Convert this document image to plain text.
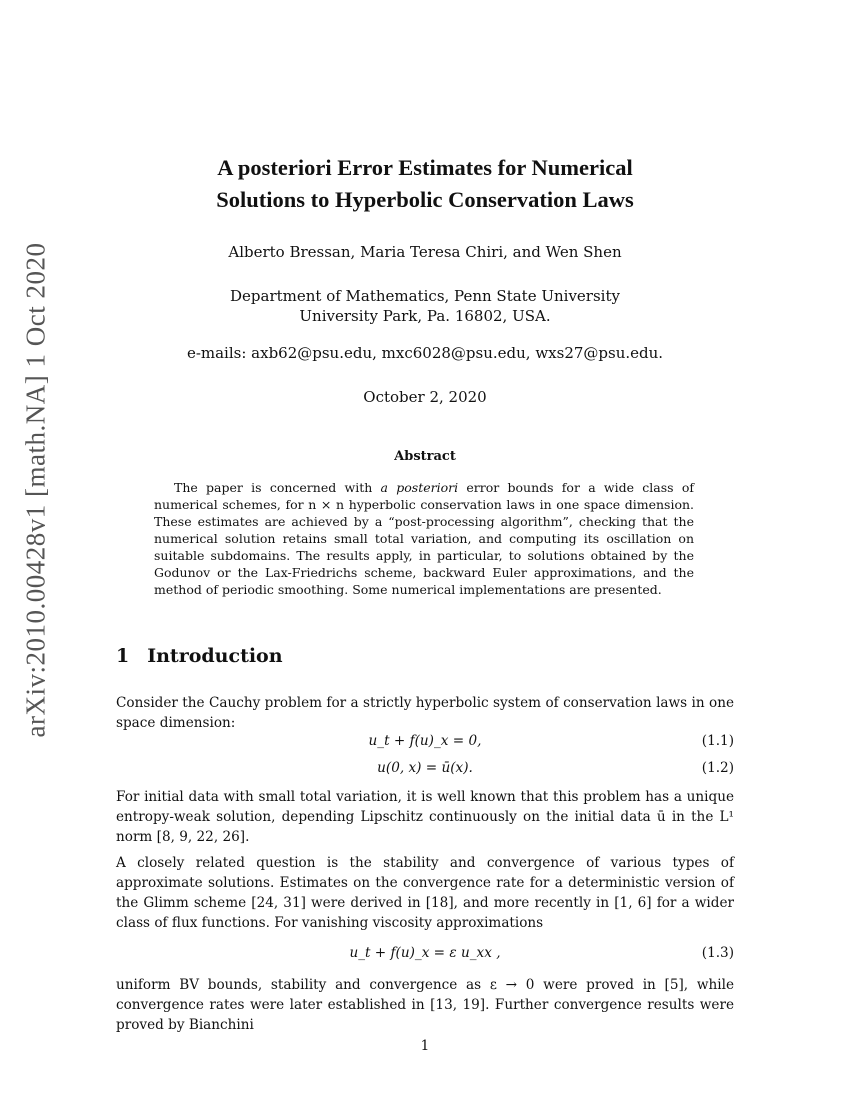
arXiv:2010.00428v1 [math.NA] 1 Oct 2020
A posteriori Error Estimates for Numerical
Solutions to Hyperbolic Conservation Laws
Alberto Bressan, Maria Teresa Chiri, and Wen Shen
Department of Mathematics, Penn State University
University Park, Pa. 16802, USA.
e-mails: axb62@psu.edu, mxc6028@psu.edu, wxs27@psu.edu.
October 2, 2020
Abstract

The paper is concerned with a posteriori error bounds for a wide class of numerical schemes, for n × n hyperbolic conservation laws in one space dimension. These estimates are achieved by a “post-processing algorithm”, checking that the numerical solution retains small total variation, and computing its oscillation on suitable subdomains. The results apply, in particular, to solutions obtained by the Godunov or the Lax-Friedrichs scheme, backward Euler approximations, and the method of periodic smoothing. Some numerical implementations are presented.

1 Introduction

Consider the Cauchy problem for a strictly hyperbolic system of conservation laws in one space dimension:

u_t + f(u)_x = 0,	(1.1)
u(0, x) = ū(x).	(1.2)

For initial data with small total variation, it is well known that this problem has a unique entropy-weak solution, depending Lipschitz continuously on the initial data ū in the L¹ norm [8, 9, 22, 26].

A closely related question is the stability and convergence of various types of approximate solutions. Estimates on the convergence rate for a deterministic version of the Glimm scheme [24, 31] were derived in [18], and more recently in [1, 6] for a wider class of flux functions. For vanishing viscosity approximations

u_t + f(u)_x = ε u_xx ,	(1.3)

uniform BV bounds, stability and convergence as ε → 0 were proved in [5], while convergence rates were later established in [13, 19]. Further convergence results were proved by Bianchini

1
